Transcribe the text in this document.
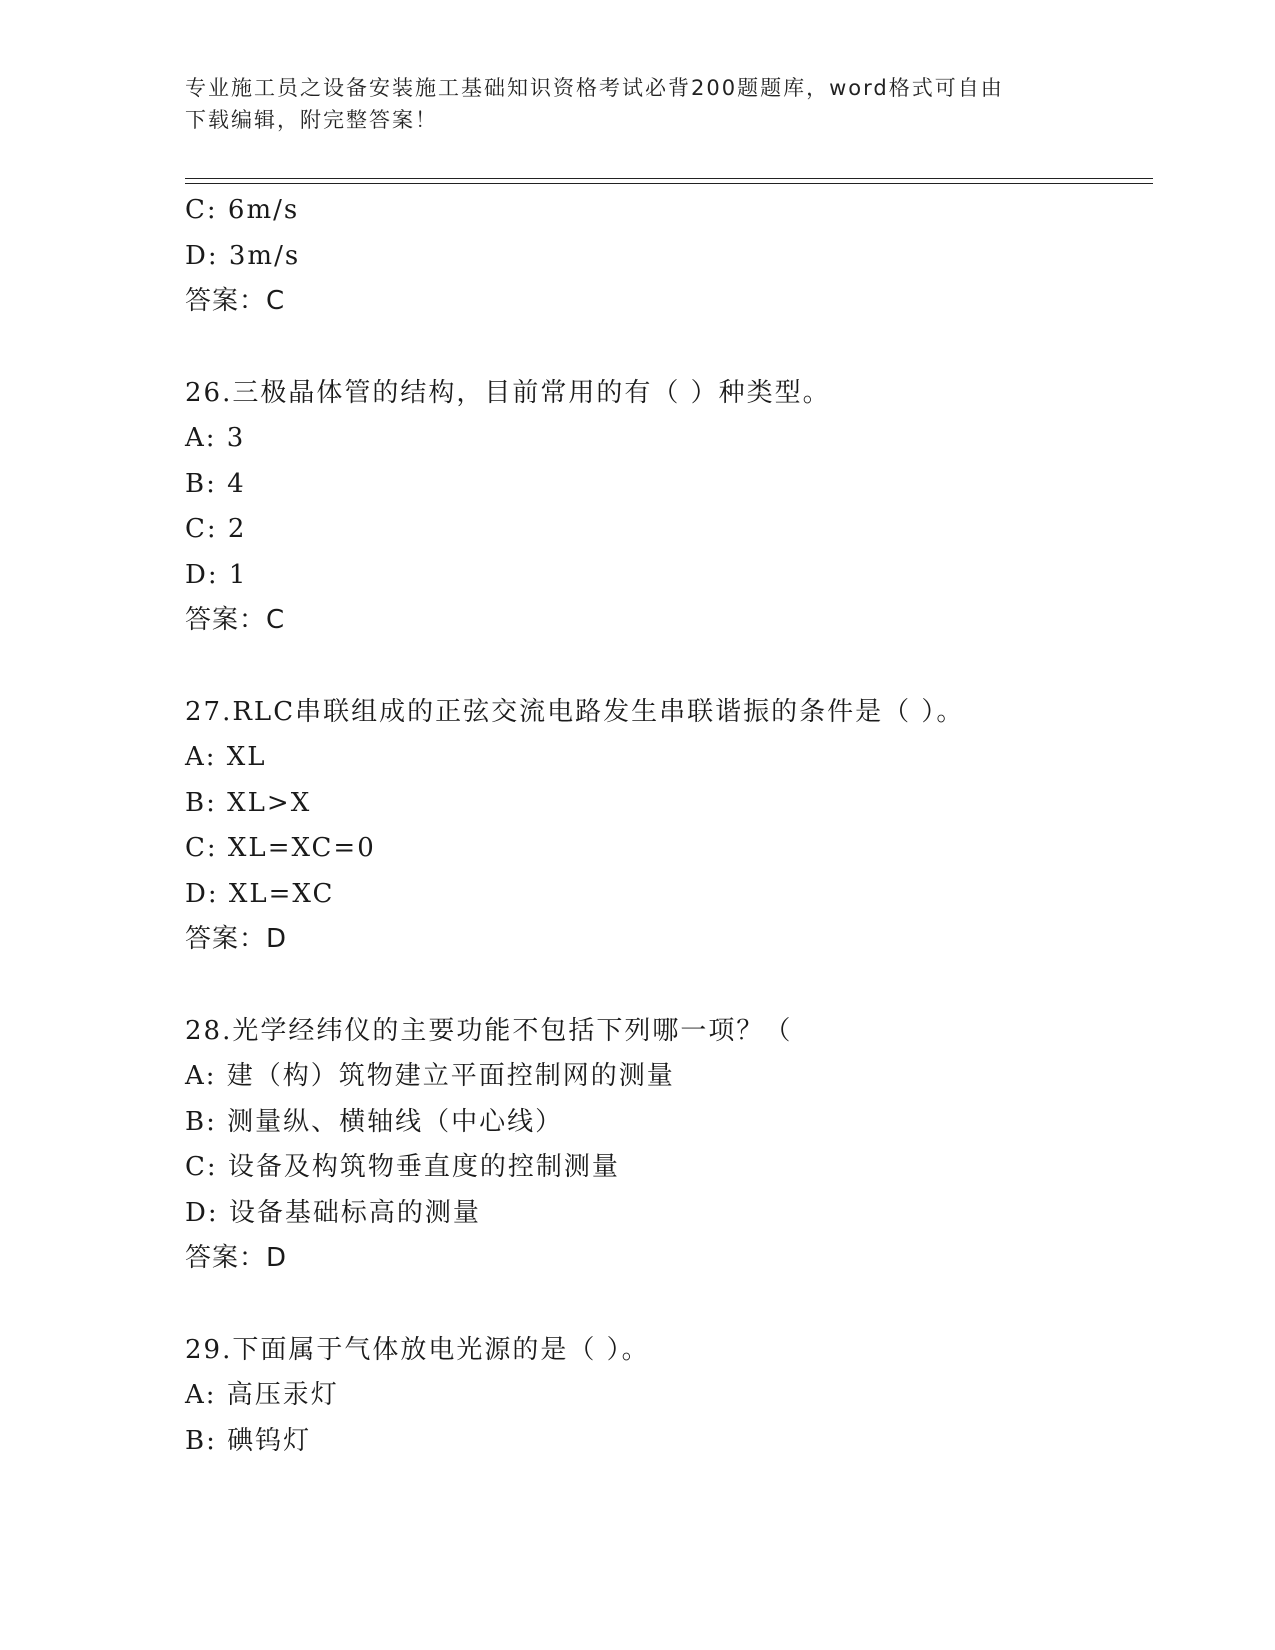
专业施工员之设备安装施工基础知识资格考试必背200题题库，word格式可自由
下载编辑，附完整答案！
C: 6m/s
D: 3m/s
答案：C
26.三极晶体管的结构，目前常用的有（ ）种类型。
A: 3
B: 4
C: 2
D: 1
答案：C
27.RLC串联组成的正弦交流电路发生串联谐振的条件是（ ）。
A: XL
B: XL>X
C: XL=XC=0
D: XL=XC
答案：D
28.光学经纬仪的主要功能不包括下列哪一项？（
A: 建（构）筑物建立平面控制网的测量
B: 测量纵、横轴线（中心线）
C: 设备及构筑物垂直度的控制测量
D: 设备基础标高的测量
答案：D
29.下面属于气体放电光源的是（ ）。
A: 高压汞灯
B: 碘钨灯
